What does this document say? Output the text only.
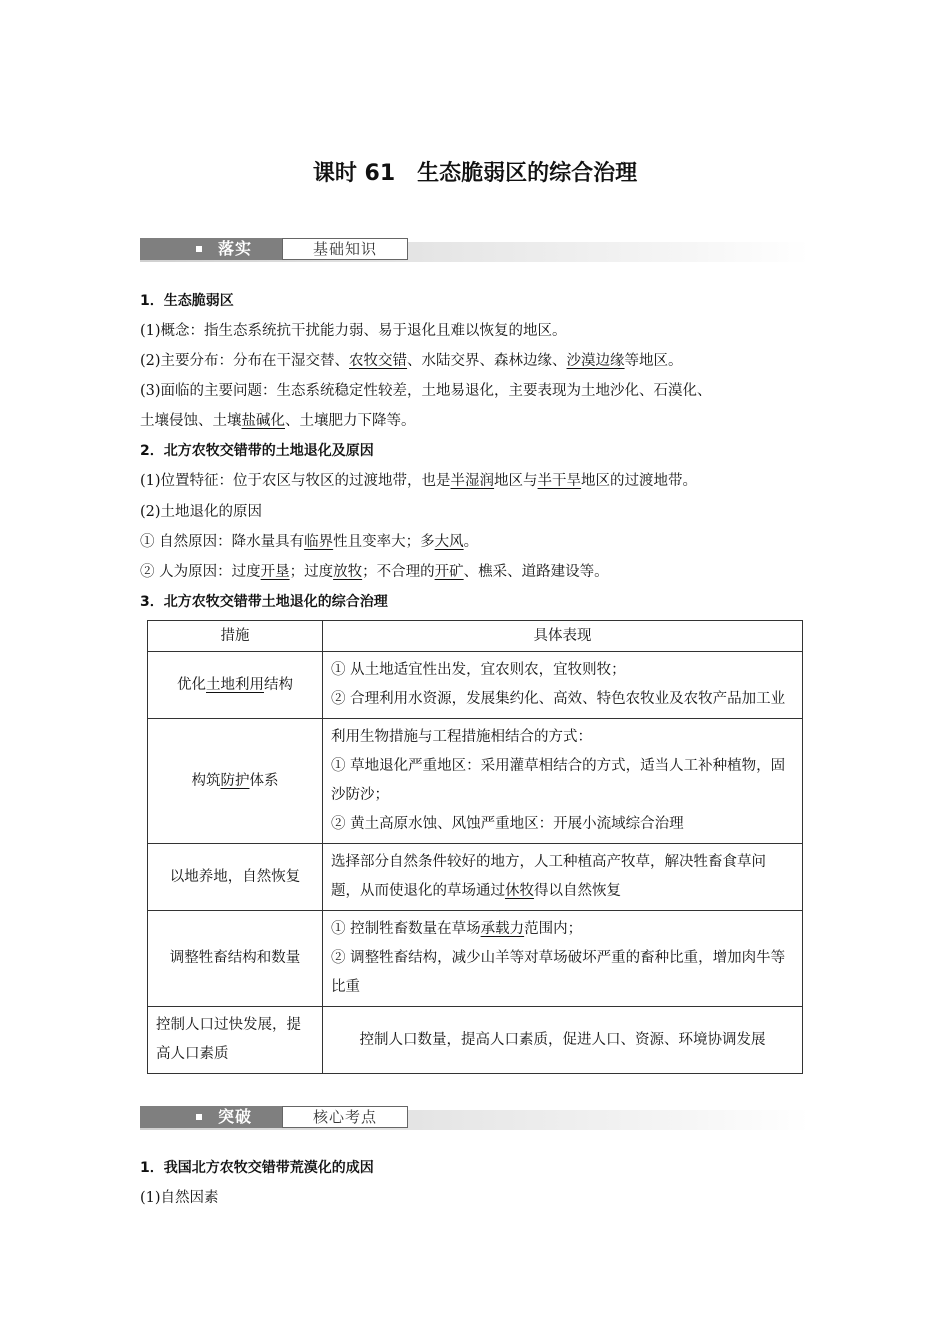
课时 61　生态脆弱区的综合治理
落实	基础知识
1．生态脆弱区
(1)概念：指生态系统抗干扰能力弱、易于退化且难以恢复的地区。
(2)主要分布：分布在干湿交替、农牧交错、水陆交界、森林边缘、沙漠边缘等地区。
(3)面临的主要问题：生态系统稳定性较差，土地易退化，主要表现为土地沙化、石漠化、
土壤侵蚀、土壤盐碱化、土壤肥力下降等。
2．北方农牧交错带的土地退化及原因
(1)位置特征：位于农区与牧区的过渡地带，也是半湿润地区与半干旱地区的过渡地带。
(2)土地退化的原因
① 自然原因：降水量具有临界性且变率大；多大风。
② 人为原因：过度开垦；过度放牧；不合理的开矿、樵采、道路建设等。
3．北方农牧交错带土地退化的综合治理
措施	具体表现
优化土地利用结构	① 从土地适宜性出发，宜农则农，宜牧则牧；
② 合理利用水资源，发展集约化、高效、特色农牧业及农牧产品加工业

构筑防护体系	利用生物措施与工程措施相结合的方式：
① 草地退化严重地区：采用灌草相结合的方式，适当人工补种植物，固沙防沙；
② 黄土高原水蚀、风蚀严重地区：开展小流域综合治理

以地养地，自然恢复	选择部分自然条件较好的地方，人工种植高产牧草，解决牲畜食草问题，从而使退化的草场通过休牧得以自然恢复
调整牲畜结构和数量	① 控制牲畜数量在草场承载力范围内；
② 调整牲畜结构，减少山羊等对草场破坏严重的畜种比重，增加肉牛等比重

控制人口过快发展，提高人口素质	控制人口数量，提高人口素质，促进人口、资源、环境协调发展
突破	核心考点
1．我国北方农牧交错带荒漠化的成因
(1)自然因素
